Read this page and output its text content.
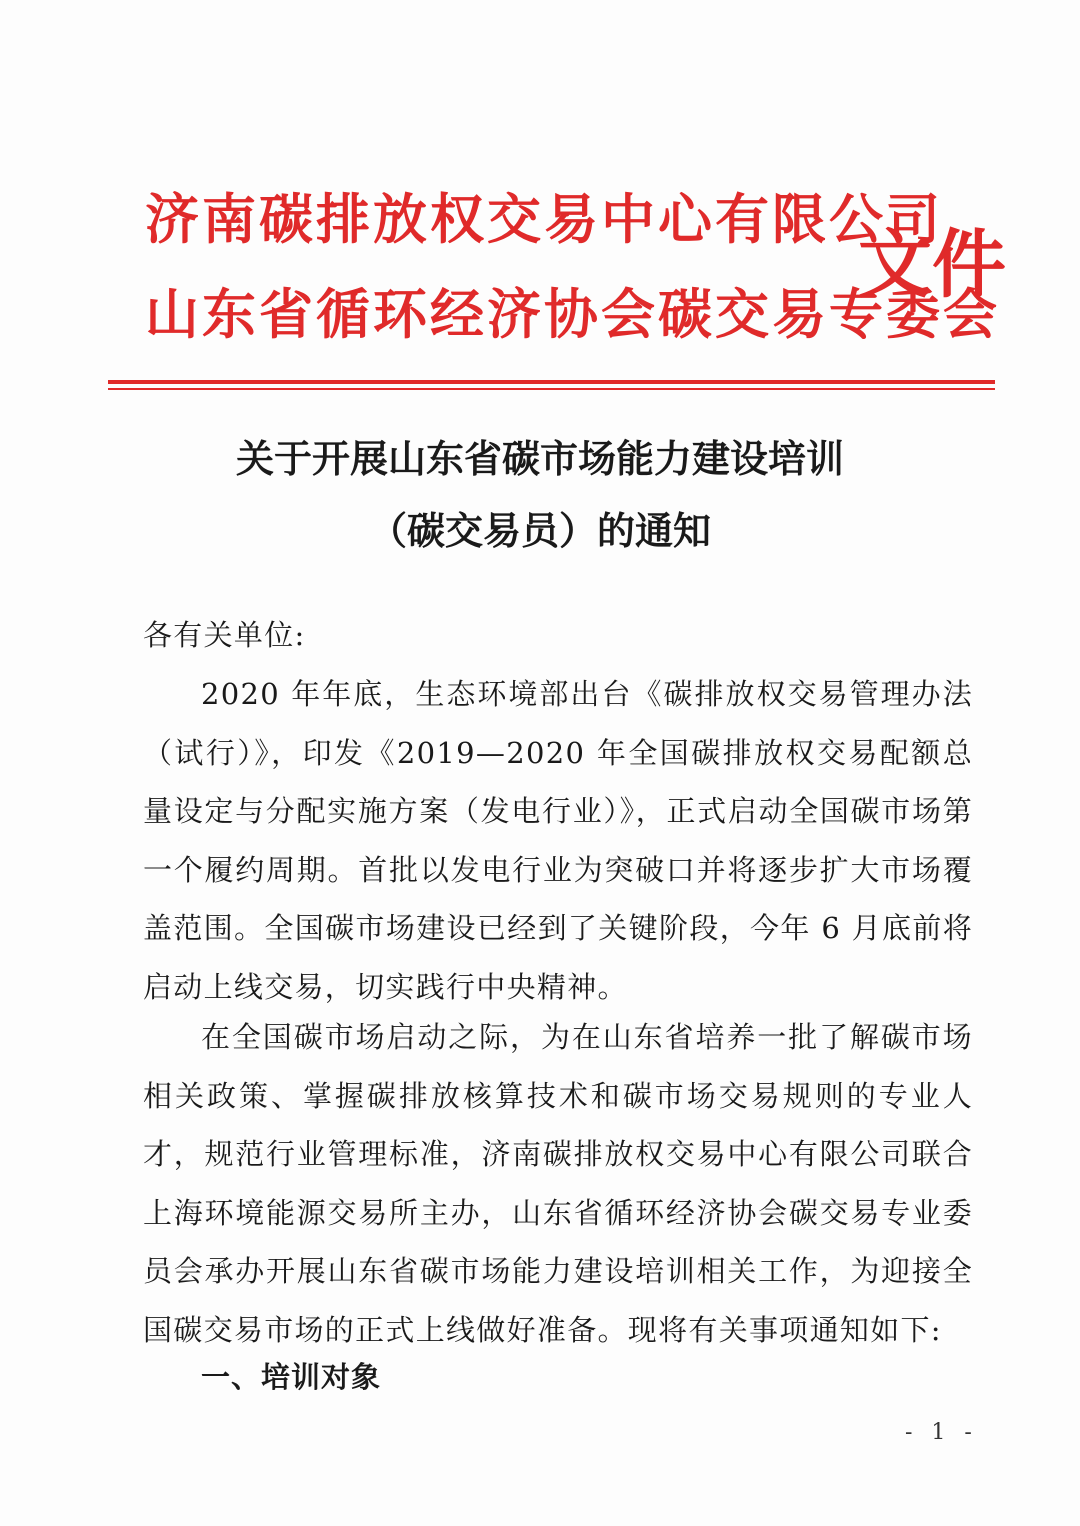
济南碳排放权交易中心有限公司
山东省循环经济协会碳交易专委会
文件
关于开展山东省碳市场能力建设培训
（碳交易员）的通知

各有关单位:

2020 年年底，生态环境部出台《碳排放权交易管理办法（试行）》，印发《2019—2020 年全国碳排放权交易配额总量设定与分配实施方案（发电行业）》，正式启动全国碳市场第一个履约周期。首批以发电行业为突破口并将逐步扩大市场覆盖范围。全国碳市场建设已经到了关键阶段，今年 6 月底前将启动上线交易，切实践行中央精神。

在全国碳市场启动之际，为在山东省培养一批了解碳市场相关政策、掌握碳排放核算技术和碳市场交易规则的专业人才，规范行业管理标准，济南碳排放权交易中心有限公司联合上海环境能源交易所主办，山东省循环经济协会碳交易专业委员会承办开展山东省碳市场能力建设培训相关工作，为迎接全国碳交易市场的正式上线做好准备。现将有关事项通知如下:

一、培训对象
- 1 -
